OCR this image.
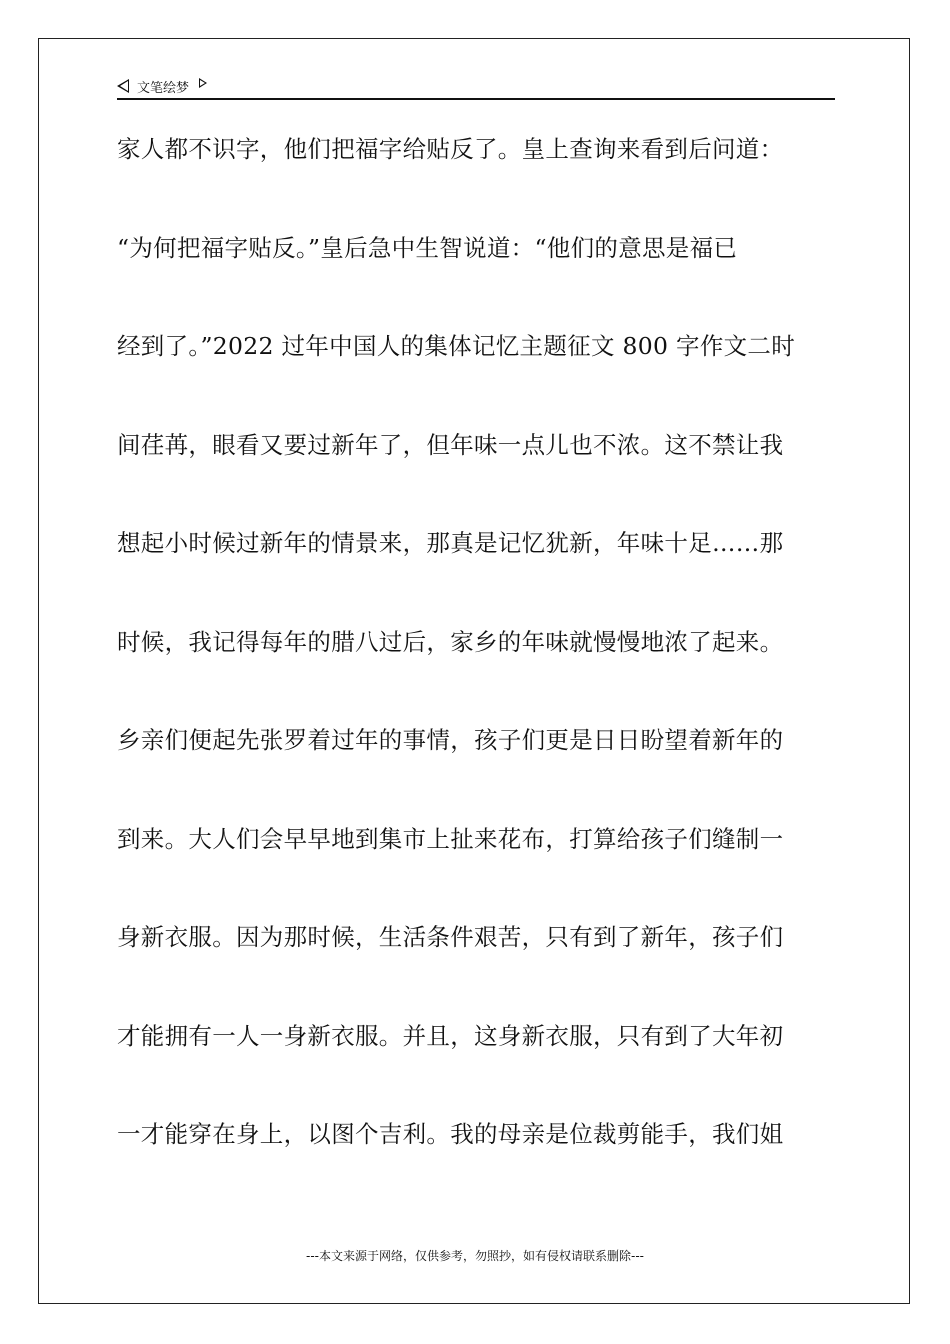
文笔绘梦
家人都不识字，他们把福字给贴反了。皇上查询来看到后问道：
“为何把福字贴反。”皇后急中生智说道：“他们的意思是福已
经到了。”2022 过年中国人的集体记忆主题征文 800 字作文二时
间荏苒，眼看又要过新年了，但年味一点儿也不浓。这不禁让我
想起小时候过新年的情景来，那真是记忆犹新，年味十足……那
时候，我记得每年的腊八过后，家乡的年味就慢慢地浓了起来。
乡亲们便起先张罗着过年的事情，孩子们更是日日盼望着新年的
到来。大人们会早早地到集市上扯来花布，打算给孩子们缝制一
身新衣服。因为那时候，生活条件艰苦，只有到了新年，孩子们
才能拥有一人一身新衣服。并且，这身新衣服，只有到了大年初
一才能穿在身上，以图个吉利。我的母亲是位裁剪能手，我们姐
---本文来源于网络，仅供参考，勿照抄，如有侵权请联系删除---
